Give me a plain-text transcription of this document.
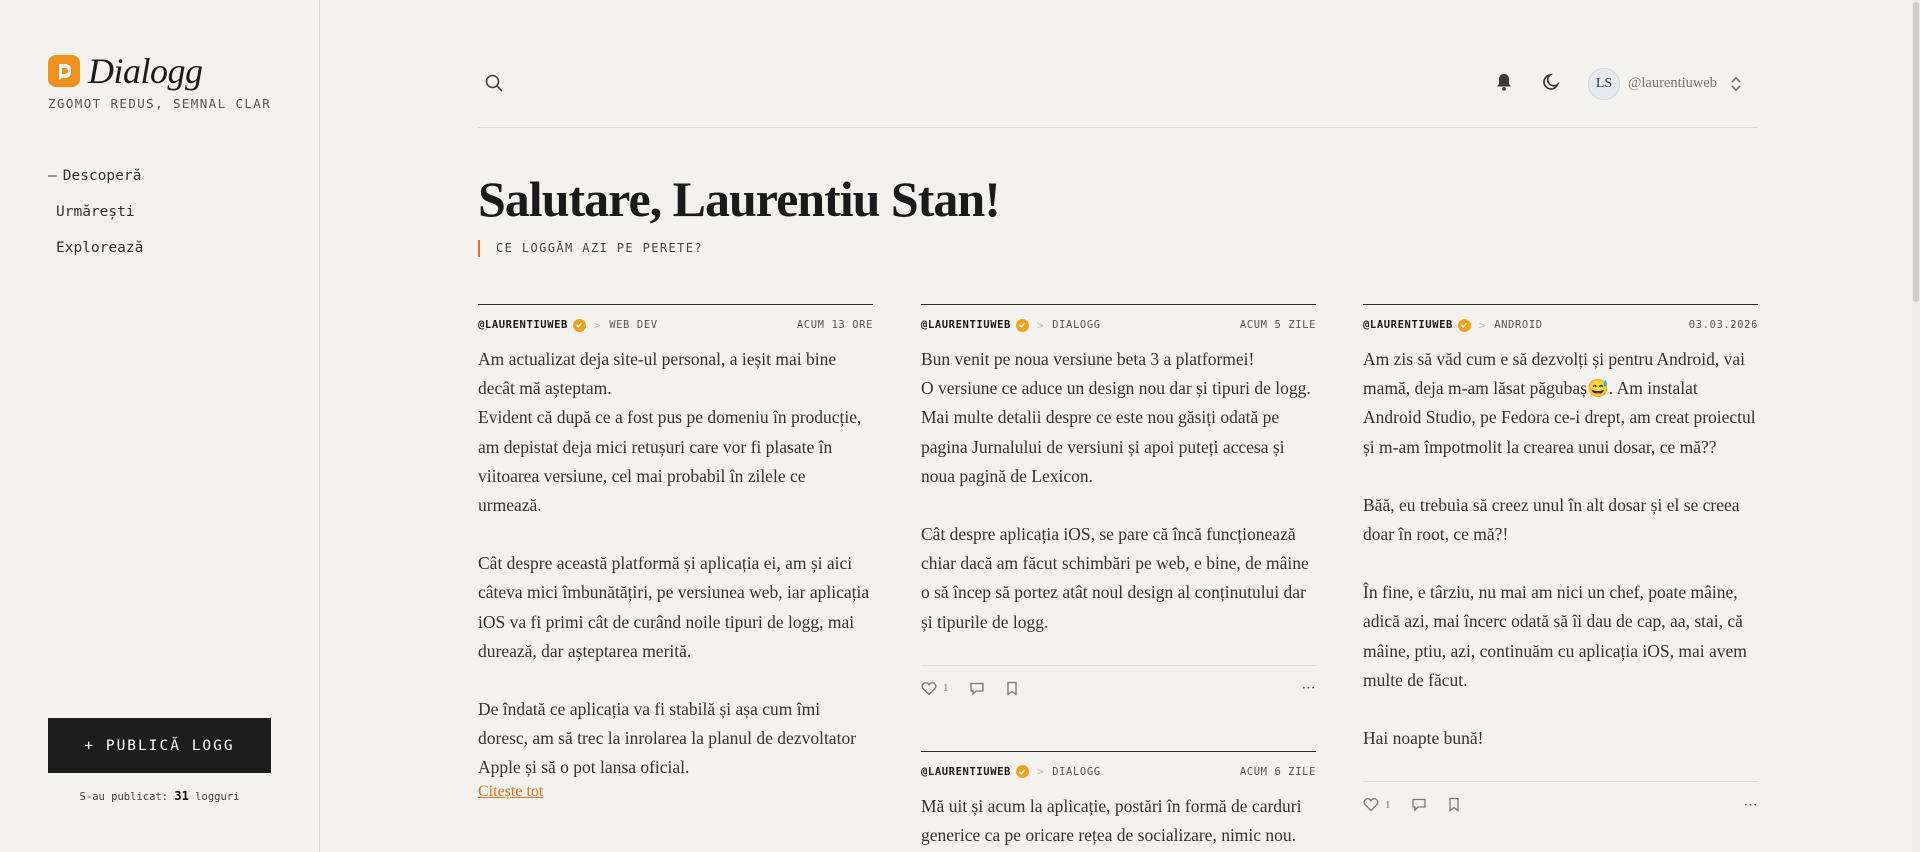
Dialogg
ZGOMOT REDUS, SEMNAL CLAR
— Descoperă
Urmărești
Explorează
+ PUBLICĂ LOGG
S-au publicat: 31 logguri
LS	@laurentiuweb
Salutare, Laurentiu Stan!
CE LOGGĂM AZI PE PERETE?
@LAURENTIUWEB > WEB DEV	ACUM 13 ORE

Am actualizat deja site-ul personal, a ieșit mai bine decât mă așteptam.

Evident că după ce a fost pus pe domeniu în producție, am depistat deja mici retușuri care vor fi plasate în viitoarea versiune, cel mai probabil în zilele ce urmează.

Cât despre această platformă și aplicația ei, am și aici câteva mici îmbunătățiri, pe versiunea web, iar aplicația iOS va fi primi cât de curând noile tipuri de logg, mai durează, dar așteptarea merită.

De îndată ce aplicația va fi stabilă și așa cum îmi doresc, am să trec la inrolarea la planul de dezvoltator Apple și să o pot lansa oficial.

Citește tot
@LAURENTIUWEB > DIALOGG	ACUM 5 ZILE

Bun venit pe noua versiune beta 3 a platformei!

O versiune ce aduce un design nou dar și tipuri de logg. Mai multe detalii despre ce este nou găsiți odată pe pagina Jurnalului de versiuni și apoi puteți accesa și noua pagină de Lexicon.

Cât despre aplicația iOS, se pare că încă funcționează chiar dacă am făcut schimbări pe web, e bine, de mâine o să încep să portez atât noul design al conținutului dar și tipurile de logg.

1	···
@LAURENTIUWEB > DIALOGG	ACUM 6 ZILE

Mă uit și acum la aplicație, postări în formă de carduri generice ca pe oricare rețea de socializare, nimic nou.

@LAURENTIUWEB > ANDROID	03.03.2026

Am zis să văd cum e să dezvolți și pentru Android, vai mamă, deja m-am lăsat păgubaș😅. Am instalat Android Studio, pe Fedora ce-i drept, am creat proiectul și m-am împotmolit la crearea unui dosar, ce mă??

Băă, eu trebuia să creez unul în alt dosar și el se creea doar în root, ce mă?!

În fine, e târziu, nu mai am nici un chef, poate mâine, adică azi, mai încerc odată să îi dau de cap, aa, stai, că mâine, ptiu, azi, continuăm cu aplicația iOS, mai avem multe de făcut.

Hai noapte bună!

1	···
